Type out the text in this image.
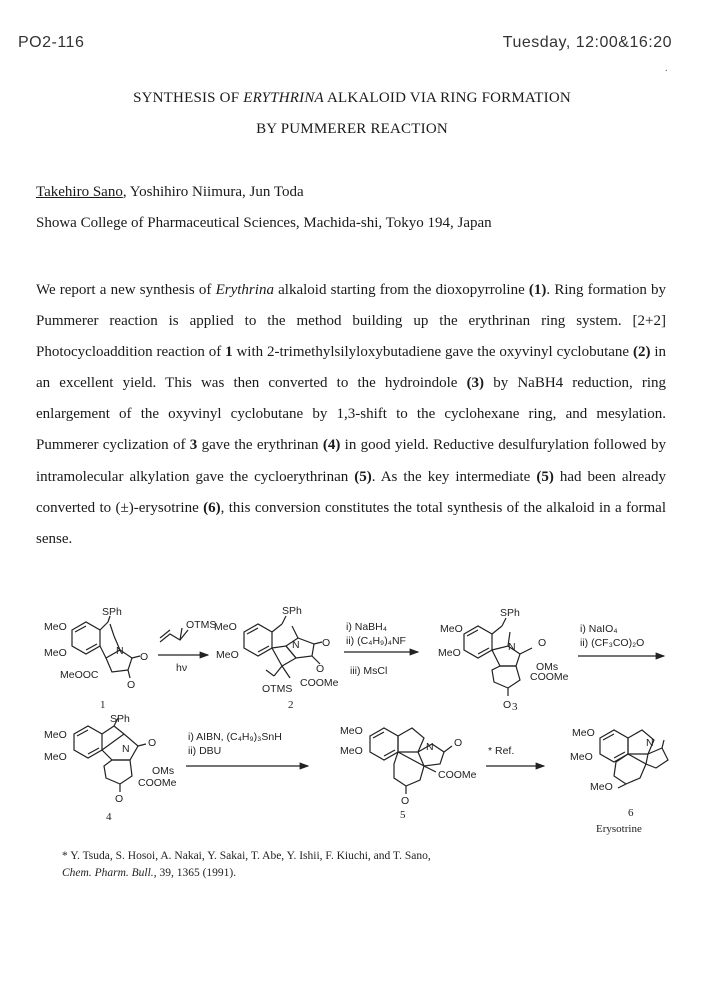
PO2-116	Tuesday, 12:00&16:20
·
SYNTHESIS OF ERYTHRINA ALKALOID VIA RING FORMATION
BY PUMMERER REACTION
Takehiro Sano, Yoshihiro Niimura, Jun Toda
Showa College of Pharmaceutical Sciences, Machida-shi, Tokyo 194, Japan
We report a new synthesis of Erythrina alkaloid starting from the dioxopyrroline (1). Ring formation by Pummerer reaction is applied to the method building up the erythrinan ring system. [2+2] Photocycloaddition reaction of 1 with 2-trimethylsilyloxybutadiene gave the oxyvinyl cyclobutane (2) in an excellent yield. This was then converted to the hydroindole (3) by NaBH4 reduction, ring enlargement of the oxyvinyl cyclobutane by 1,3-shift to the cyclohexane ring, and mesylation. Pummerer cyclization of 3 gave the erythrinan (4) in good yield. Reductive desulfurylation followed by intramolecular alkylation gave the cycloerythrinan (5). As the key intermediate (5) had been already converted to (±)-erysotrine (6), this conversion constitutes the total synthesis of the alkaloid in a formal sense.
SPh
MeO
MeO
MeOOC
N O
O
1
OTMS
hν
SPh
MeO
MeO
N O
O
COOMe
OTMS
2
i) NaBH₄
ii) (C₄H₉)₄NF
iii) MsCl
SPh
MeO
MeO	N O
OMs
COOMe
O 3
i) NaIO₄
ii) (CF₃CO)₂O
SPh
MeO
MeO
N O
OMs
COOMe
O
4
i) AIBN, (C₄H₉)₃SnH
ii) DBU
MeO
MeO	N O
COOMe
O
5
* Ref.
MeO
MeO
N
MeO
6
Erysotrine
* Y. Tsuda, S. Hosoi, A. Nakai, Y. Sakai, T. Abe, Y. Ishii, F. Kiuchi, and T. Sano,
Chem. Pharm. Bull., 39, 1365 (1991).
